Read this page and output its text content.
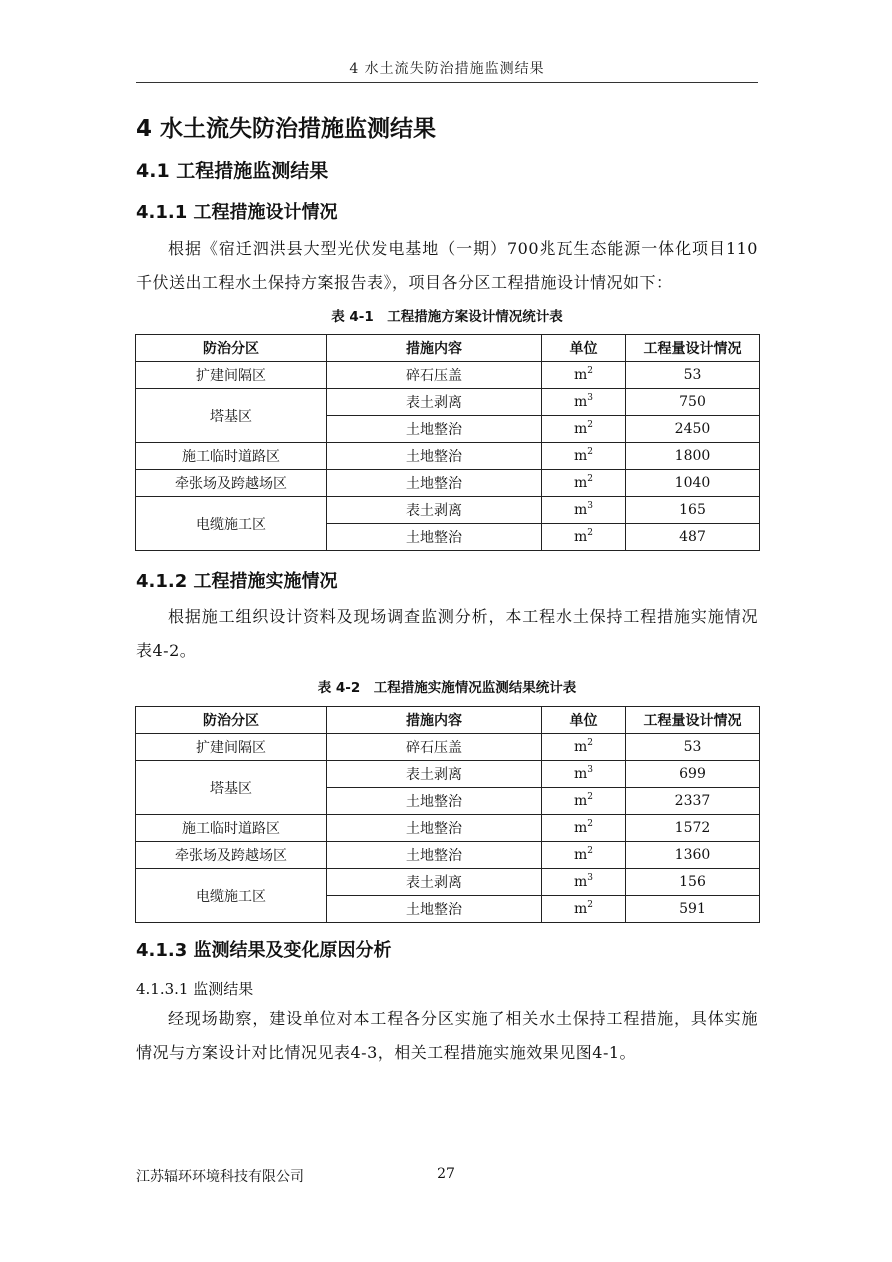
4 水土流失防治措施监测结果
4 水土流失防治措施监测结果
4.1 工程措施监测结果
4.1.1 工程措施设计情况
根据《宿迁泗洪县大型光伏发电基地（一期）700兆瓦生态能源一体化项目110千伏送出工程水土保持方案报告表》，项目各分区工程措施设计情况如下：
表 4-1　工程措施方案设计情况统计表
防治分区	措施内容	单位	工程量设计情况
扩建间隔区	碎石压盖	$m^2$	53
塔基区	表土剥离	$m^3$	750
	土地整治	$m^2$	2450
施工临时道路区	土地整治	$m^2$	1800
牵张场及跨越场区	土地整治	$m^2$	1040
电缆施工区	表土剥离	$m^3$	165
	土地整治	$m^2$	487
4.1.2 工程措施实施情况
根据施工组织设计资料及现场调查监测分析，本工程水土保持工程措施实施情况表4-2。
表 4-2　工程措施实施情况监测结果统计表
防治分区	措施内容	单位	工程量设计情况
扩建间隔区	碎石压盖	$m^2$	53
塔基区	表土剥离	$m^3$	699
	土地整治	$m^2$	2337
施工临时道路区	土地整治	$m^2$	1572
牵张场及跨越场区	土地整治	$m^2$	1360
电缆施工区	表土剥离	$m^3$	156
	土地整治	$m^2$	591
4.1.3 监测结果及变化原因分析
4.1.3.1 监测结果
经现场勘察，建设单位对本工程各分区实施了相关水土保持工程措施，具体实施情况与方案设计对比情况见表4-3，相关工程措施实施效果见图4-1。
江苏辐环环境科技有限公司	27
